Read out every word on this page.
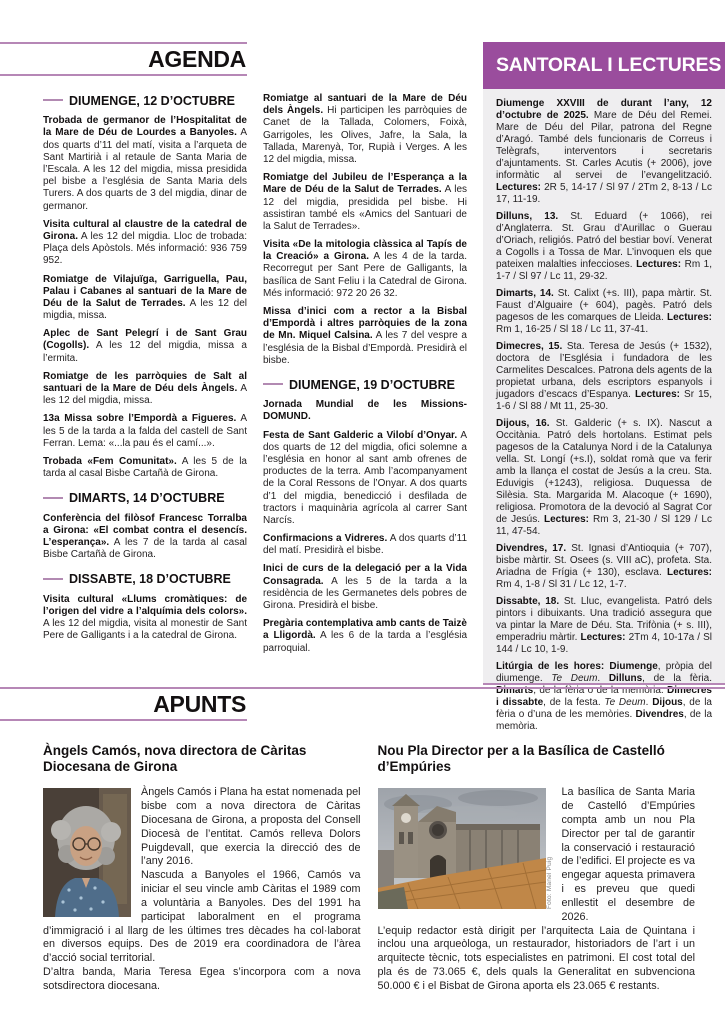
AGENDA
DIUMENGE, 12 D’OCTUBRE

Trobada de germanor de l’Hospitalitat de la Mare de Déu de Lourdes a Banyoles. A dos quarts d’11 del matí, visita a l’arqueta de Sant Martirià i al retaule de Santa Maria de l’Escala. A les 12 del migdia, missa presidida pel bisbe a l’església de Santa Maria dels Turers. A dos quarts de 3 del migdia, dinar de germanor.

Visita cultural al claustre de la catedral de Girona. A les 12 del migdia. Lloc de trobada: Plaça dels Apòstols. Més informació: 936 759 952.

Romiatge de Vilajuïga, Garriguella, Pau, Palau i Cabanes al santuari de la Mare de Déu de la Salut de Terrades. A les 12 del migdia, missa.

Aplec de Sant Pelegrí i de Sant Grau (Cogolls). A les 12 del migdia, missa a l’ermita.

Romiatge de les parròquies de Salt al santuari de la Mare de Déu dels Àngels. A les 12 del migdia, missa.

13a Missa sobre l’Empordà a Figueres. A les 5 de la tarda a la falda del castell de Sant Ferran. Lema: «...la pau és el camí...».

Trobada «Fem Comunitat». A les 5 de la tarda al casal Bisbe Cartañà de Girona.

DIMARTS, 14 D’OCTUBRE

Conferència del filòsof Francesc Torralba a Girona: «El combat contra el desencís. L’esperança». A les 7 de la tarda al casal Bisbe Cartañà de Girona.

DISSABTE, 18 D’OCTUBRE

Visita cultural «Llums cromàtiques: de l’origen del vidre a l’alquímia dels colors». A les 12 del migdia, visita al monestir de Sant Pere de Galligants i a la catedral de Girona.

Romiatge al santuari de la Mare de Déu dels Àngels. Hi participen les parròquies de Canet de la Tallada, Colomers, Foixà, Garrigoles, les Olives, Jafre, la Sala, la Tallada, Marenyà, Tor, Rupià i Verges. A les 12 del migdia, missa.

Romiatge del Jubileu de l’Esperança a la Mare de Déu de la Salut de Terrades. A les 12 del migdia, presidida pel bisbe. Hi assistiran també els «Amics del Santuari de la Salut de Terrades».

Visita «De la mitologia clàssica al Tapís de la Creació» a Girona. A les 4 de la tarda. Recorregut per Sant Pere de Galligants, la basílica de Sant Feliu i la Catedral de Girona. Més informació: 972 20 26 32.

Missa d’inici com a rector a la Bisbal d’Empordà i altres parròquies de la zona de Mn. Miquel Calsina. A les 7 del vespre a l’església de la Bisbal d’Empordà. Presidirà el bisbe.

DIUMENGE, 19 D’OCTUBRE

Jornada Mundial de les Missions-DOMUND.

Festa de Sant Galderic a Vilobí d’Onyar. A dos quarts de 12 del migdia, ofici solemne a l’església en honor al sant amb ofrenes de productes de la terra. Amb l’acompanyament de la Coral Ressons de l’Onyar. A dos quarts d’1 del migdia, benedicció i desfilada de tractors i maquinària agrícola al carrer Sant Narcís.

Confirmacions a Vidreres. A dos quarts d’11 del matí. Presidirà el bisbe.

Inici de curs de la delegació per a la Vida Consagrada. A les 5 de la tarda a la residència de les Germanetes dels pobres de Girona. Presidirà el bisbe.

Pregària contemplativa amb cants de Taizè a Lligordà. A les 6 de la tarda a l’església parroquial.

SANTORAL I LECTURES

Diumenge XXVIII de durant l’any, 12 d’octubre de 2025. Mare de Déu del Remei. Mare de Déu del Pilar, patrona del Regne d’Aragó. També dels funcionaris de Correus i Telègrafs, interventors i secretaris d’ajuntaments. St. Carles Acutis (+ 2006), jove informàtic al servei de l’evangelització. Lectures: 2R 5, 14-17 / Sl 97 / 2Tm 2, 8-13 / Lc 17, 11-19.

Dilluns, 13. St. Eduard (+ 1066), rei d’Anglaterra. St. Grau d’Aurillac o Guerau d’Oriach, religiós. Patró del bestiar boví. Venerat a Cogolls i a Tossa de Mar. L’invoquen els que pateixen malalties infeccioses. Lectures: Rm 1, 1-7 / Sl 97 / Lc 11, 29-32.

Dimarts, 14. St. Calixt (+s. III), papa màrtir. St. Faust d’Alguaire (+ 604), pagès. Patró dels pagesos de les comarques de Lleida. Lectures: Rm 1, 16-25 / Sl 18 / Lc 11, 37-41.

Dimecres, 15. Sta. Teresa de Jesús (+ 1532), doctora de l’Església i fundadora de les Carmelites Descalces. Patrona dels agents de la propietat urbana, dels escriptors espanyols i jugadors d’escacs d’Espanya. Lectures: Sr 15, 1-6 / Sl 88 / Mt 11, 25-30.

Dijous, 16. St. Galderic (+ s. IX). Nascut a Occitània. Patró dels hortolans. Estimat pels pagesos de la Catalunya Nord i de la Catalunya vella. St. Longí (+s.I), soldat romà que va ferir amb la llança el costat de Jesús a la creu. Sta. Eduvigis (+1243), religiosa. Duquessa de Silèsia. Sta. Margarida M. Alacoque (+ 1690), religiosa. Promotora de la devoció al Sagrat Cor de Jesús. Lectures: Rm 3, 21-30 / Sl 129 / Lc 11, 47-54.

Divendres, 17. St. Ignasi d’Antioquia (+ 707), bisbe màrtir. St. Osees (s. VIII aC), profeta. Sta. Ariadna de Frígia (+ 130), esclava. Lectures: Rm 4, 1-8 / Sl 31 / Lc 12, 1-7.

Dissabte, 18. St. Lluc, evangelista. Patró dels pintors i dibuixants. Una tradició assegura que va pintar la Mare de Déu. Sta. Trifònia (+ s. III), emperadriu màrtir. Lectures: 2Tm 4, 10-17a / Sl 144 / Lc 10, 1-9.

Litúrgia de les hores: Diumenge, pròpia del diumenge. Te Deum. Dilluns, de la fèria. Dimarts, de la fèria o de la memòria. Dimecres i dissabte, de la festa. Te Deum. Dijous, de la fèria o d’una de les memòries. Divendres, de la memòria.

APUNTS
Àngels Camós, nova directora de Càritas Diocesana de Girona

Àngels Camós i Plana ha estat nomenada pel bisbe com a nova directora de Càritas Diocesana de Girona, a proposta del Consell Diocesà de l’entitat. Camós relleva Dolors Puigdevall, que exercia la direcció des de l’any 2016.

Nascuda a Banyoles el 1966, Camós va iniciar el seu vincle amb Càritas el 1989 com a voluntària a Banyoles. Des del 1991 ha participat laboralment en el programa d’immigració i al llarg de les últimes tres dècades ha col·laborat en diversos equips. Des de 2019 era coordinadora de l’àrea d’acció social territorial.

D’altra banda, Maria Teresa Egea s’incorpora com a nova sotsdirectora diocesana.

Nou Pla Director per a la Basílica de Castelló d’Empúries
Foto: Manel Puig

La basílica de Santa Maria de Castelló d’Empúries compta amb un nou Pla Director per tal de garantir la conservació i restauració de l’edifici. El projecte es va engegar aquesta primavera i es preveu que quedi enllestit el desembre de 2026.

L’equip redactor està dirigit per l’arquitecta Laia de Quintana i inclou una arqueòloga, un restaurador, historiadors de l’art i un arquitecte tècnic, tots especialistes en patrimoni. El cost total del pla és de 73.065 €, dels quals la Generalitat en subvenciona 50.000 € i el Bisbat de Girona aporta els 23.065 € restants.
